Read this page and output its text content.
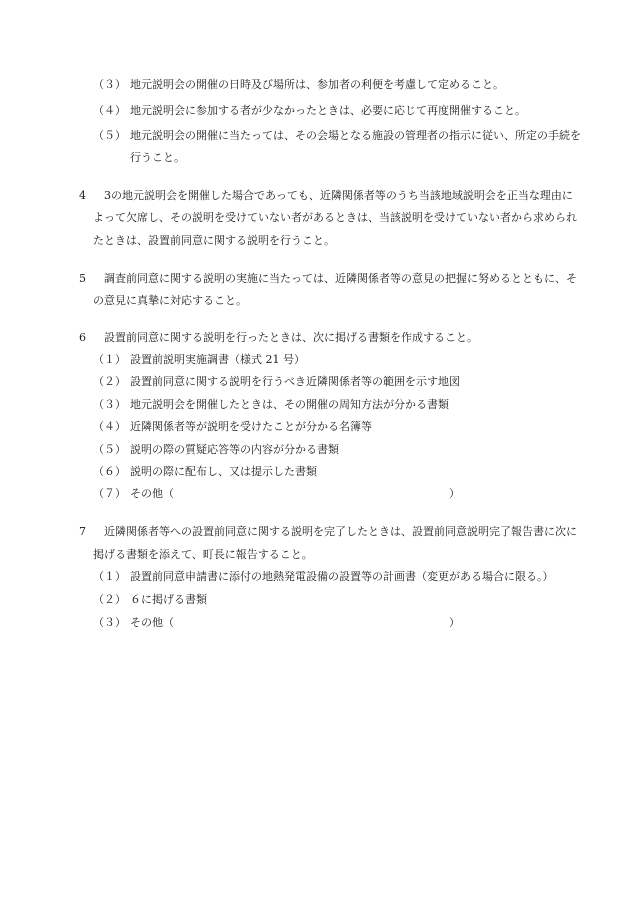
（３） 地元説明会の開催の日時及び場所は、参加者の利便を考慮して定めること。
（４） 地元説明会に参加する者が少なかったときは、必要に応じて再度開催すること。
（５） 地元説明会の開催に当たっては、その会場となる施設の管理者の指示に従い、所定の手続を
行うこと。
4 3の地元説明会を開催した場合であっても、近隣関係者等のうち当該地域説明会を正当な理由に
よって欠席し、その説明を受けていない者があるときは、当該説明を受けていない者から求められ
たときは、設置前同意に関する説明を行うこと。
5 調査前同意に関する説明の実施に当たっては、近隣関係者等の意見の把握に努めるとともに、そ
の意見に真摯に対応すること。
6 設置前同意に関する説明を行ったときは、次に掲げる書類を作成すること。
（１） 設置前説明実施調書（様式 21 号）
（２） 設置前同意に関する説明を行うべき近隣関係者等の範囲を示す地図
（３） 地元説明会を開催したときは、その開催の周知方法が分かる書類
（４） 近隣関係者等が説明を受けたことが分かる名簿等
（５） 説明の際の質疑応答等の内容が分かる書類
（６） 説明の際に配布し、又は提示した書類
（７） その他（	）
7 近隣関係者等への設置前同意に関する説明を完了したときは、設置前同意説明完了報告書に次に
掲げる書類を添えて、町長に報告すること。
（１） 設置前同意申請書に添付の地熱発電設備の設置等の計画書（変更がある場合に限る。）
（２） ６に掲げる書類
（３） その他（	）
